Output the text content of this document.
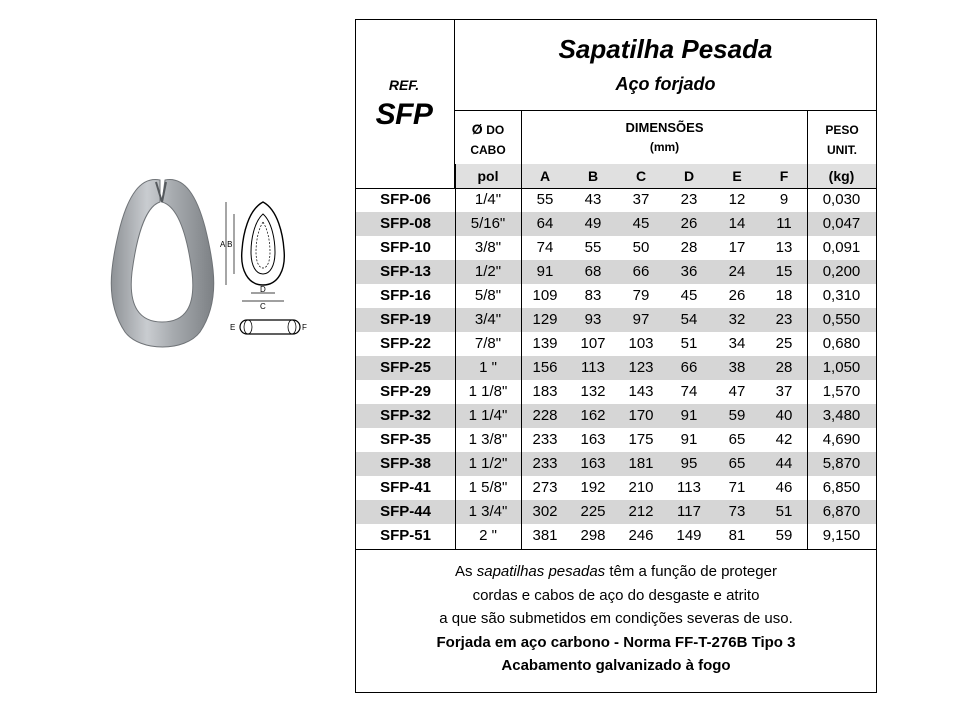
A B
D
C
E	F
REF.
SFP
Sapatilha Pesada
Aço forjado
Ø DO
CABO
DIMENSÕES
(mm)
PESO
UNIT.
pol	A	B	C	D	E	F	(kg)
SFP-06	1/4"	55	43	37	23	12	9	0,030
SFP-08	5/16"	64	49	45	26	14	11	0,047
SFP-10	3/8"	74	55	50	28	17	13	0,091
SFP-13	1/2"	91	68	66	36	24	15	0,200
SFP-16	5/8"	109	83	79	45	26	18	0,310
SFP-19	3/4"	129	93	97	54	32	23	0,550
SFP-22	7/8"	139	107	103	51	34	25	0,680
SFP-25	1 "	156	113	123	66	38	28	1,050
SFP-29	1 1/8"	183	132	143	74	47	37	1,570
SFP-32	1 1/4"	228	162	170	91	59	40	3,480
SFP-35	1 3/8"	233	163	175	91	65	42	4,690
SFP-38	1 1/2"	233	163	181	95	65	44	5,870
SFP-41	1 5/8"	273	192	210	113	71	46	6,850
SFP-44	1 3/4"	302	225	212	117	73	51	6,870
SFP-51	2 "	381	298	246	149	81	59	9,150
As sapatilhas pesadas têm a função de proteger
cordas e cabos de aço do desgaste e atrito
a que são submetidos em condições severas de uso.
Forjada em aço carbono - Norma FF-T-276B Tipo 3
Acabamento galvanizado à fogo
